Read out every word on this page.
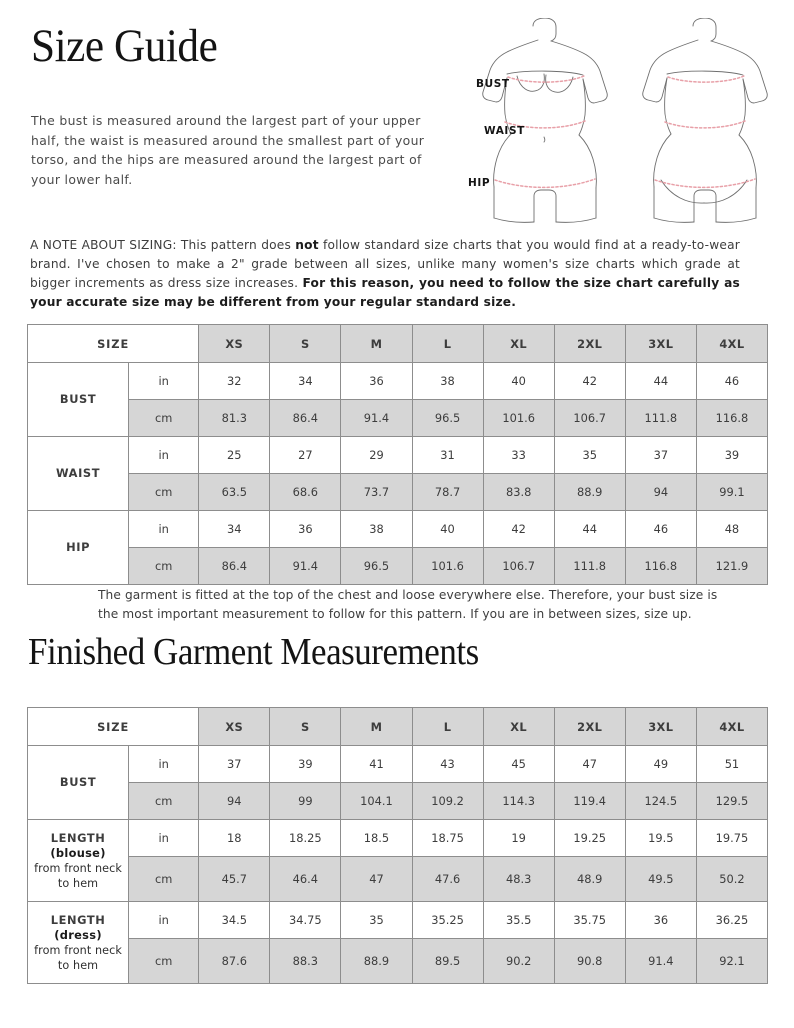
Size Guide
The bust is measured around the largest part of your upper half, the waist is measured around the smallest part of your torso, and the hips are measured around the largest part of your lower half.
BUST
WAIST
HIP
A NOTE ABOUT SIZING: This pattern does not follow standard size charts that you would find at a ready-to-wear brand. I've chosen to make a 2" grade between all sizes, unlike many women's size charts which grade at bigger increments as dress size increases. For this reason, you need to follow the size chart carefully as your accurate size may be different from your regular standard size.
SIZE		XS	S	M	L	XL	2XL	3XL	4XL
BUST	in	32	34	36	38	40	42	44	46
	cm	81.3	86.4	91.4	96.5	101.6	106.7	111.8	116.8
WAIST	in	25	27	29	31	33	35	37	39
	cm	63.5	68.6	73.7	78.7	83.8	88.9	94	99.1
HIP	in	34	36	38	40	42	44	46	48
	cm	86.4	91.4	96.5	101.6	106.7	111.8	116.8	121.9
The garment is fitted at the top of the chest and loose everywhere else. Therefore, your bust size is the most important measurement to follow for this pattern. If you are in between sizes, size up.
Finished Garment Measurements
SIZE		XS	S	M	L	XL	2XL	3XL	4XL
BUST	in	37	39	41	43	45	47	49	51
	cm	94	99	104.1	109.2	114.3	119.4	124.5	129.5
LENGTH
(blouse)
from front neck to hem	in	18	18.25	18.5	18.75	19	19.25	19.5	19.75
	cm	45.7	46.4	47	47.6	48.3	48.9	49.5	50.2
LENGTH
(dress)
from front neck to hem	in	34.5	34.75	35	35.25	35.5	35.75	36	36.25
	cm	87.6	88.3	88.9	89.5	90.2	90.8	91.4	92.1
